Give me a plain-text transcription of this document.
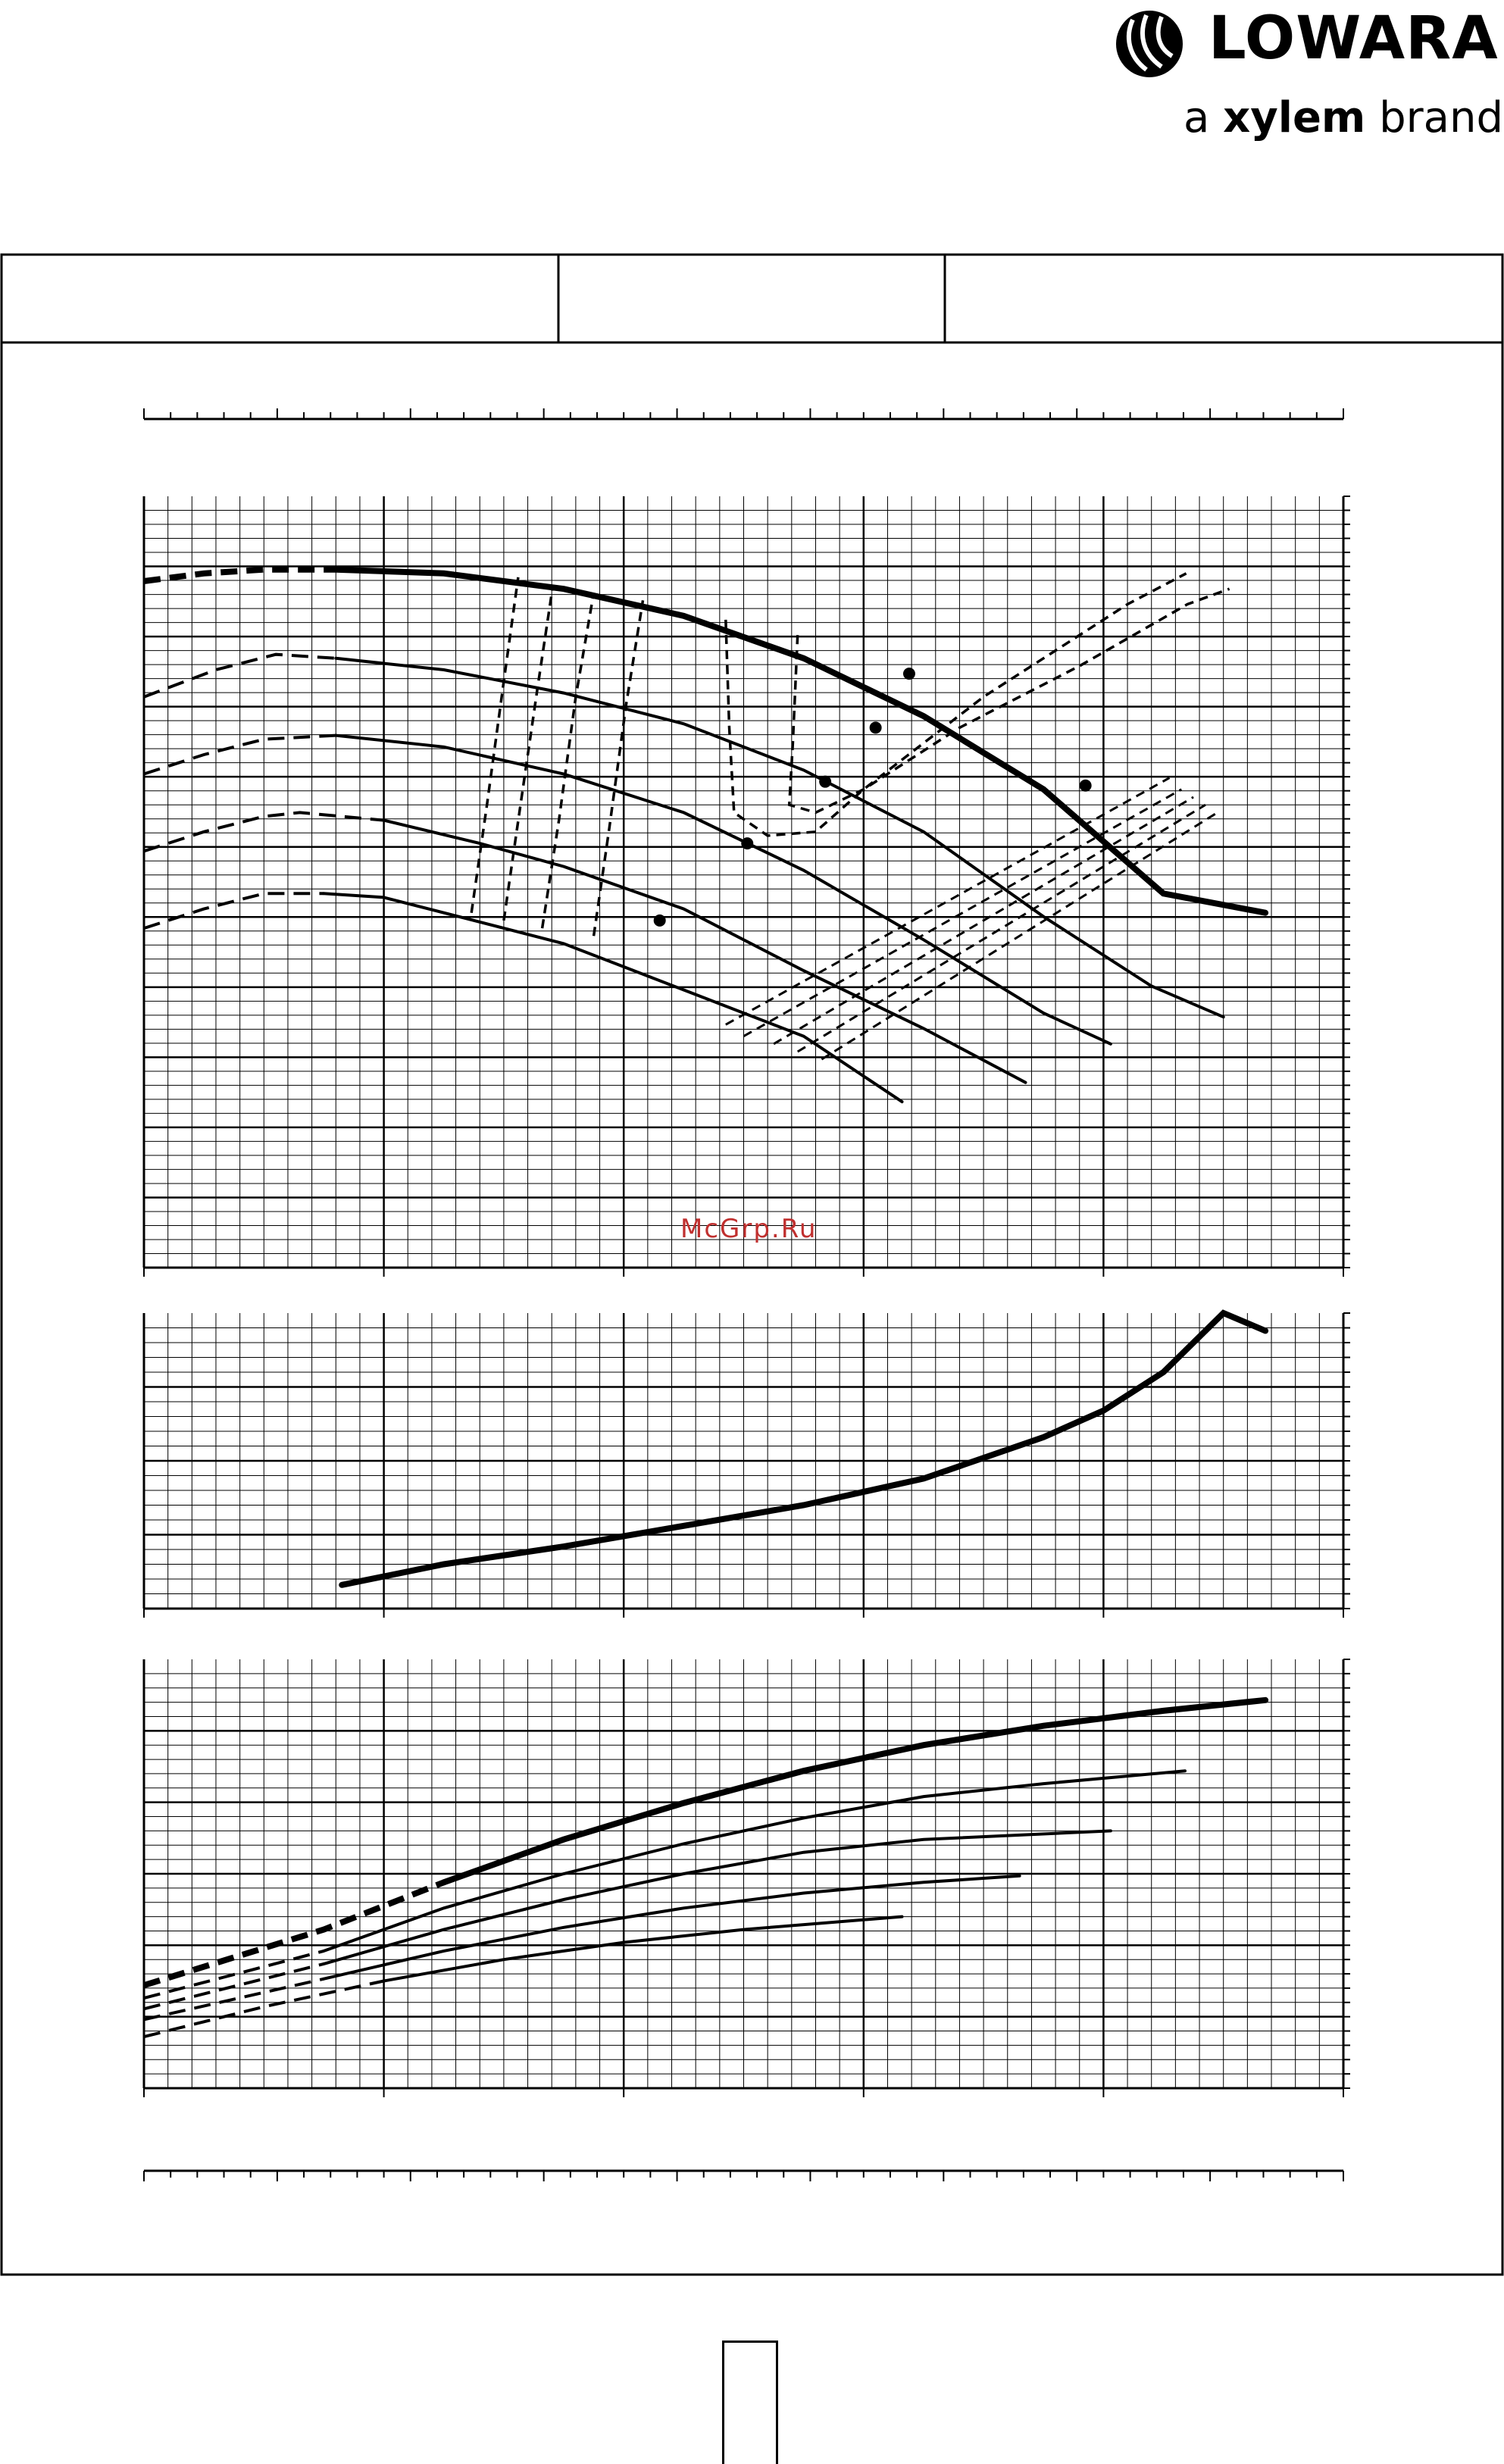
LOWARA
a xylem brand
McGrp.Ru
